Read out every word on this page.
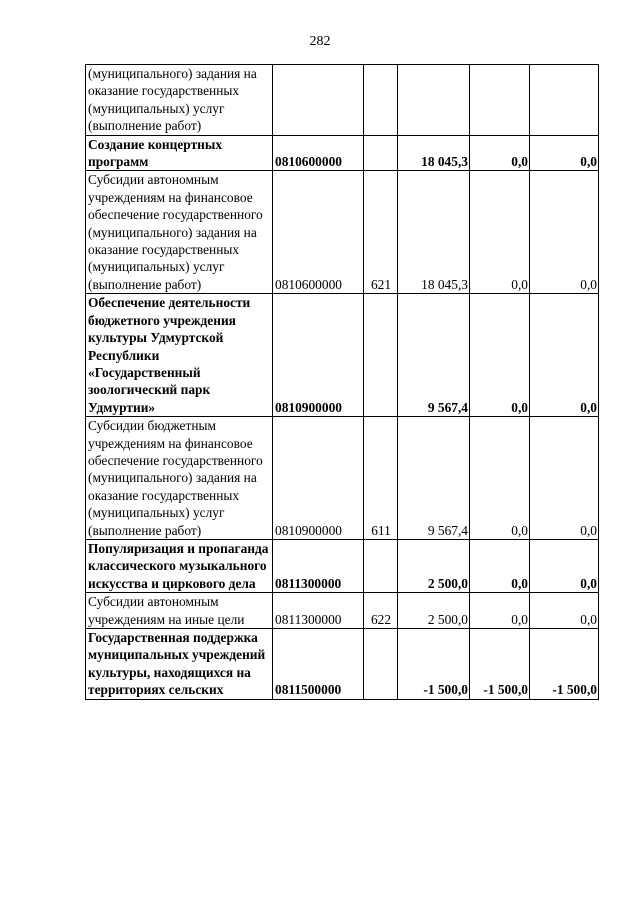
282
(муниципального) задания на оказание государственных (муниципальных) услуг (выполнение работ)					
Создание концертных программ	0810600000		18 045,3	0,0	0,0
Субсидии автономным учреждениям на финансовое обеспечение государственного (муниципального) задания на оказание государственных (муниципальных) услуг (выполнение работ)	0810600000	621	18 045,3	0,0	0,0
Обеспечение деятельности бюджетного учреждения культуры Удмуртской Республики «Государственный зоологический парк Удмуртии»	0810900000		9 567,4	0,0	0,0
Субсидии бюджетным учреждениям на финансовое обеспечение государственного (муниципального) задания на оказание государственных (муниципальных) услуг (выполнение работ)	0810900000	611	9 567,4	0,0	0,0
Популяризация и пропаганда классического музыкального искусства и циркового дела	0811300000		2 500,0	0,0	0,0
Субсидии автономным учреждениям на иные цели	0811300000	622	2 500,0	0,0	0,0
Государственная поддержка муниципальных учреждений культуры, находящихся на территориях сельских	0811500000		-1 500,0	-1 500,0	-1 500,0
